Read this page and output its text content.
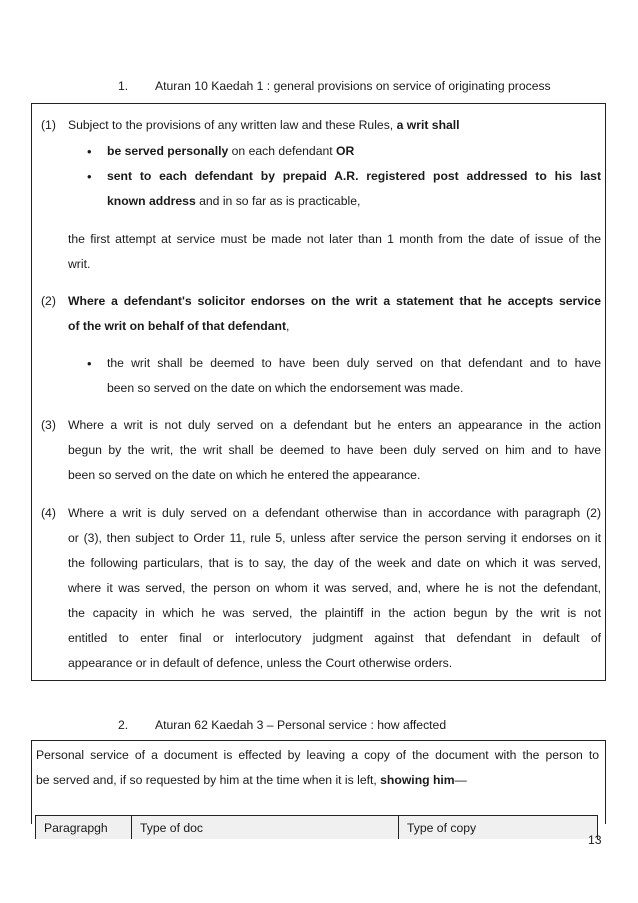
1. Aturan 10 Kaedah 1 : general provisions on service of originating process
(1) Subject to the provisions of any written law and these Rules, a writ shall
• be served personally on each defendant OR
• sent to each defendant by prepaid A.R. registered post addressed to his last
known address and in so far as is practicable,
the first attempt at service must be made not later than 1 month from the date of issue of the
writ.
(2) Where a defendant's solicitor endorses on the writ a statement that he accepts service
of the writ on behalf of that defendant,
• the writ shall be deemed to have been duly served on that defendant and to have
been so served on the date on which the endorsement was made.
(3) Where a writ is not duly served on a defendant but he enters an appearance in the action
begun by the writ, the writ shall be deemed to have been duly served on him and to have
been so served on the date on which he entered the appearance.
(4) Where a writ is duly served on a defendant otherwise than in accordance with paragraph (2)
or (3), then subject to Order 11, rule 5, unless after service the person serving it endorses on it
the following particulars, that is to say, the day of the week and date on which it was served,
where it was served, the person on whom it was served, and, where he is not the defendant,
the capacity in which he was served, the plaintiff in the action begun by the writ is not
entitled to enter final or interlocutory judgment against that defendant in default of
appearance or in default of defence, unless the Court otherwise orders.
2. Aturan 62 Kaedah 3 – Personal service : how affected
Personal service of a document is effected by leaving a copy of the document with the person to
be served and, if so requested by him at the time when it is left, showing him—
Paragrapgh	Type of doc	Type of copy
13
